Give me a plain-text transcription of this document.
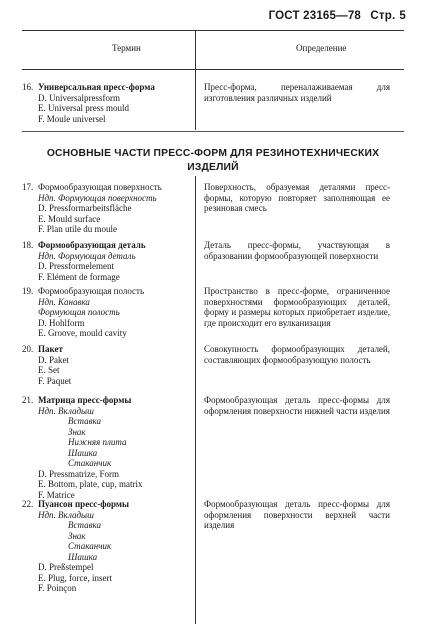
ГОСТ 23165—78 Стр. 5
Термин	Определение
16. Универсальная пресс-форма
D. Universalpressform
E. Universal press mould
F. Moule universel
Пресс-форма, переналаживаемая для изготовления различных изделий
ОСНОВНЫЕ ЧАСТИ ПРЕСС-ФОРМ ДЛЯ РЕЗИНОТЕХНИЧЕСКИХ ИЗДЕЛИЙ
17. Формообразующая поверхность
Ндп. Формующая поверхность
D. Pressformarbeitsfläche
E. Mould surface
F. Plan utile du moule
Поверхность, образуемая деталями пресс-формы, которую повторяет заполняющая ее резиновая смесь
18. Формообразующая деталь
Ндп. Формующая деталь
D. Pressformelement
F. Elément de formage
Деталь пресс-формы, участвующая в образовании формообразующей поверхности
19. Формообразующая полость
Ндп. Канавка
Формующая полость
D. Hohlform
E. Groove, mould cavity
Пространство в пресс-форме, ограниченное поверхностями формообразующих деталей, форму и размеры которых приобретает изделие, где происходит его вулканизация
20. Пакет
D. Paket
E. Set
F. Paquet
Совокупность формообразующих деталей, составляющих формообразующую полость
21. Матрица пресс-формы
Ндп. Вкладыш
Вставка
Знак
Нижняя плита
Шашка
Стаканчик
D. Pressmatrize, Form
E. Bottom, plate, cup, matrix
F. Matrice
Формообразующая деталь пресс-формы для оформления поверхности нижней части изделия
22. Пуансон пресс-формы
Ндп. Вкладыш
Вставка
Знак
Стаканчик
Шашка
D. Preßstempel
E. Plug, force, insert
F. Poinçon
Формообразующая деталь пресс-формы для оформления поверхности верхней части изделия
